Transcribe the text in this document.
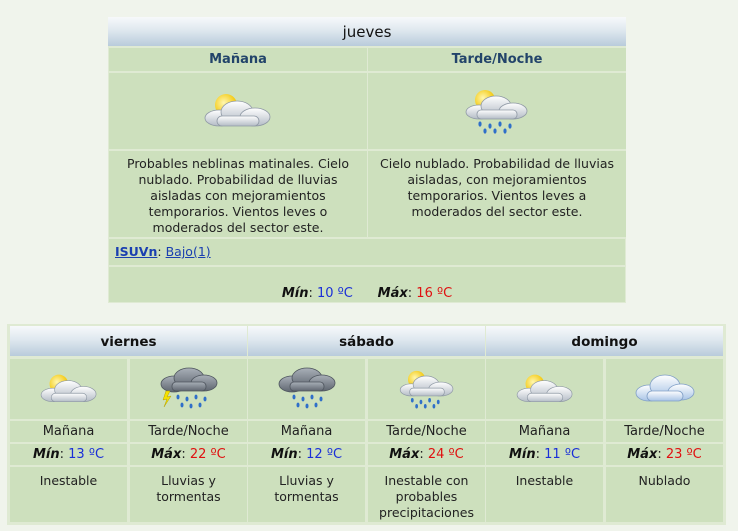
jueves
Mañana
Probables neblinas matinales. Cielo nublado. Probabilidad de lluvias aisladas con mejoramientos temporarios. Vientos leves o moderados del sector este.
Tarde/Noche
Cielo nublado. Probabilidad de lluvias aisladas, con mejoramientos temporarios. Vientos leves a moderados del sector este.
ISUVn: Bajo(1)
Mín: 10 ºC Máx: 16 ºC
viernes
Mañana
Mín: 13 ºC
Inestable
Tarde/Noche
Máx: 22 ºC
Lluvias y tormentas
sábado
Mañana
Mín: 12 ºC
Lluvias y tormentas
Tarde/Noche
Máx: 24 ºC
Inestable con probables precipitaciones
domingo
Mañana
Mín: 11 ºC
Inestable
Tarde/Noche
Máx: 23 ºC
Nublado
